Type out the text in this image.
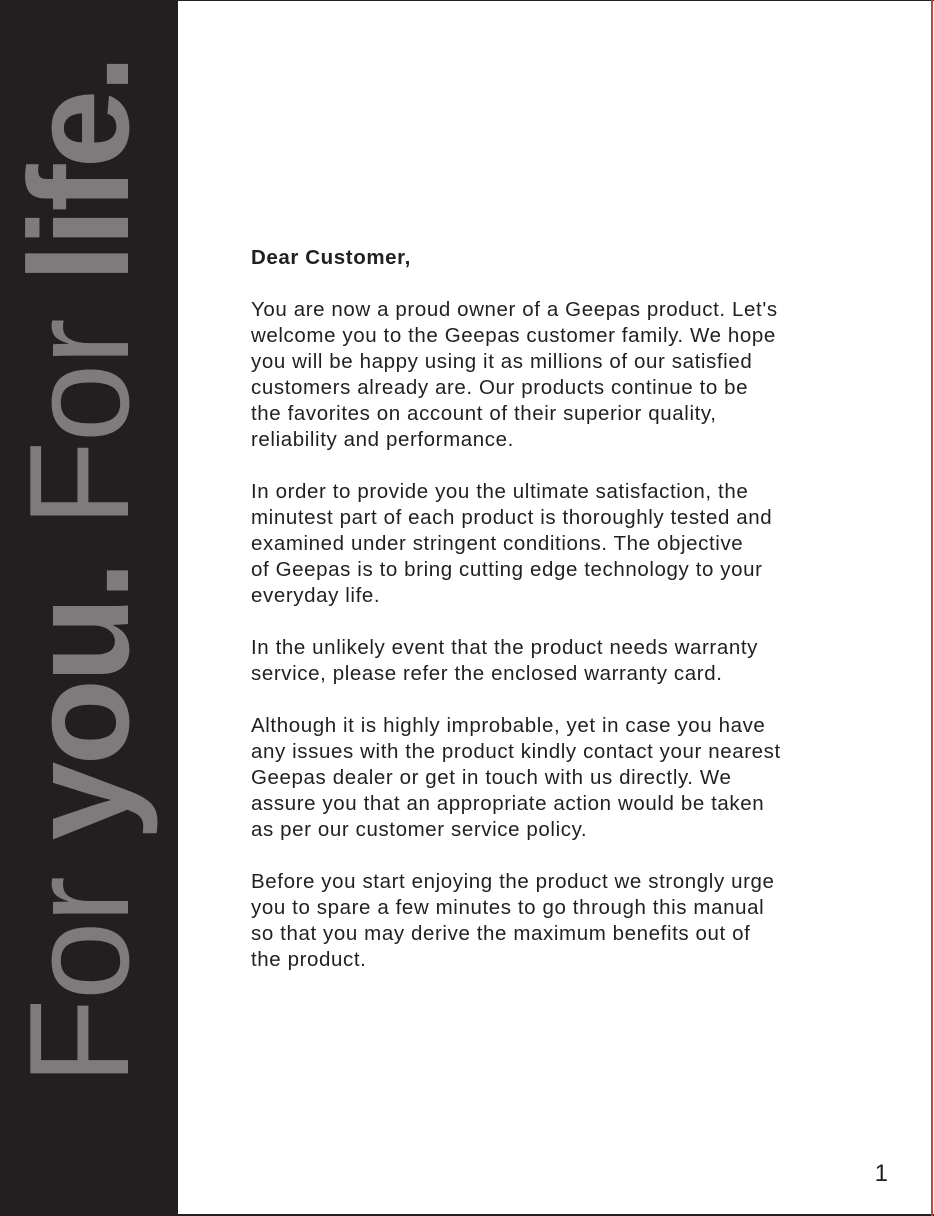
For you. For life.	Dear Customer,
You are now a proud owner of a Geepas product. Let's
welcome you to the Geepas customer family. We hope
you will be happy using it as millions of our satisfied
customers already are. Our products continue to be
the favorites on account of their superior quality,
reliability and performance.
In order to provide you the ultimate satisfaction, the
minutest part of each product is thoroughly tested and
examined under stringent conditions. The objective
of Geepas is to bring cutting edge technology to your
everyday life.
In the unlikely event that the product needs warranty
service, please refer the enclosed warranty card.
Although it is highly improbable, yet in case you have
any issues with the product kindly contact your nearest
Geepas dealer or get in touch with us directly. We
assure you that an appropriate action would be taken
as per our customer service policy.
Before you start enjoying the product we strongly urge
you to spare a few minutes to go through this manual
so that you may derive the maximum benefits out of
the product.
1
